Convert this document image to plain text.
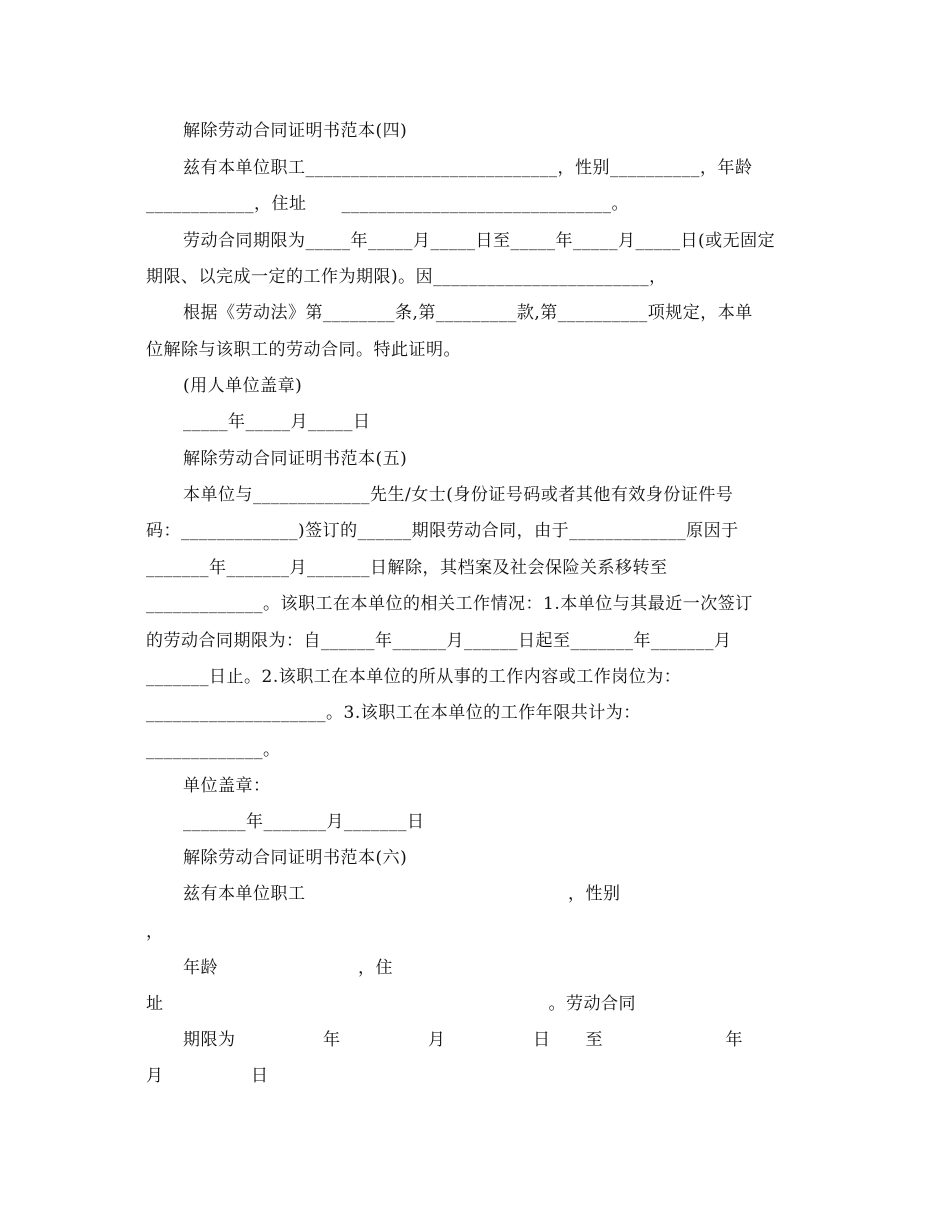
解除劳动合同证明书范本(四)
兹有本单位职工____________________________，性别__________，年龄
____________，住址　　______________________________。
劳动合同期限为_____年_____月_____日至_____年_____月_____日(或无固定
期限、以完成一定的工作为期限)。因________________________，
根据《劳动法》第________条,第_________款,第__________项规定，本单
位解除与该职工的劳动合同。特此证明。
(用人单位盖章)
_____年_____月_____日
解除劳动合同证明书范本(五)
本单位与_____________先生/女士(身份证号码或者其他有效身份证件号
码：_____________)签订的______期限劳动合同，由于_____________原因于
_______年_______月_______日解除，其档案及社会保险关系移转至
_____________。该职工在本单位的相关工作情况：1.本单位与其最近一次签订
的劳动合同期限为：自______年______月______日起至_______年_______月
_______日止。2.该职工在本单位的所从事的工作内容或工作岗位为：
____________________。3.该职工在本单位的工作年限共计为：
_____________。
单位盖章：
_______年_______月_______日
解除劳动合同证明书范本(六)
兹有本单位职工　　　　　　　　　　　　　　　，性别
，
年龄　　　　　　　　，住
址　　　　　　　　　　　　　　　　　　　　　　。劳动合同
期限为　　　　　年　　　　　月　　　　　日　　至　　　　　　　年
月　　　　　日
